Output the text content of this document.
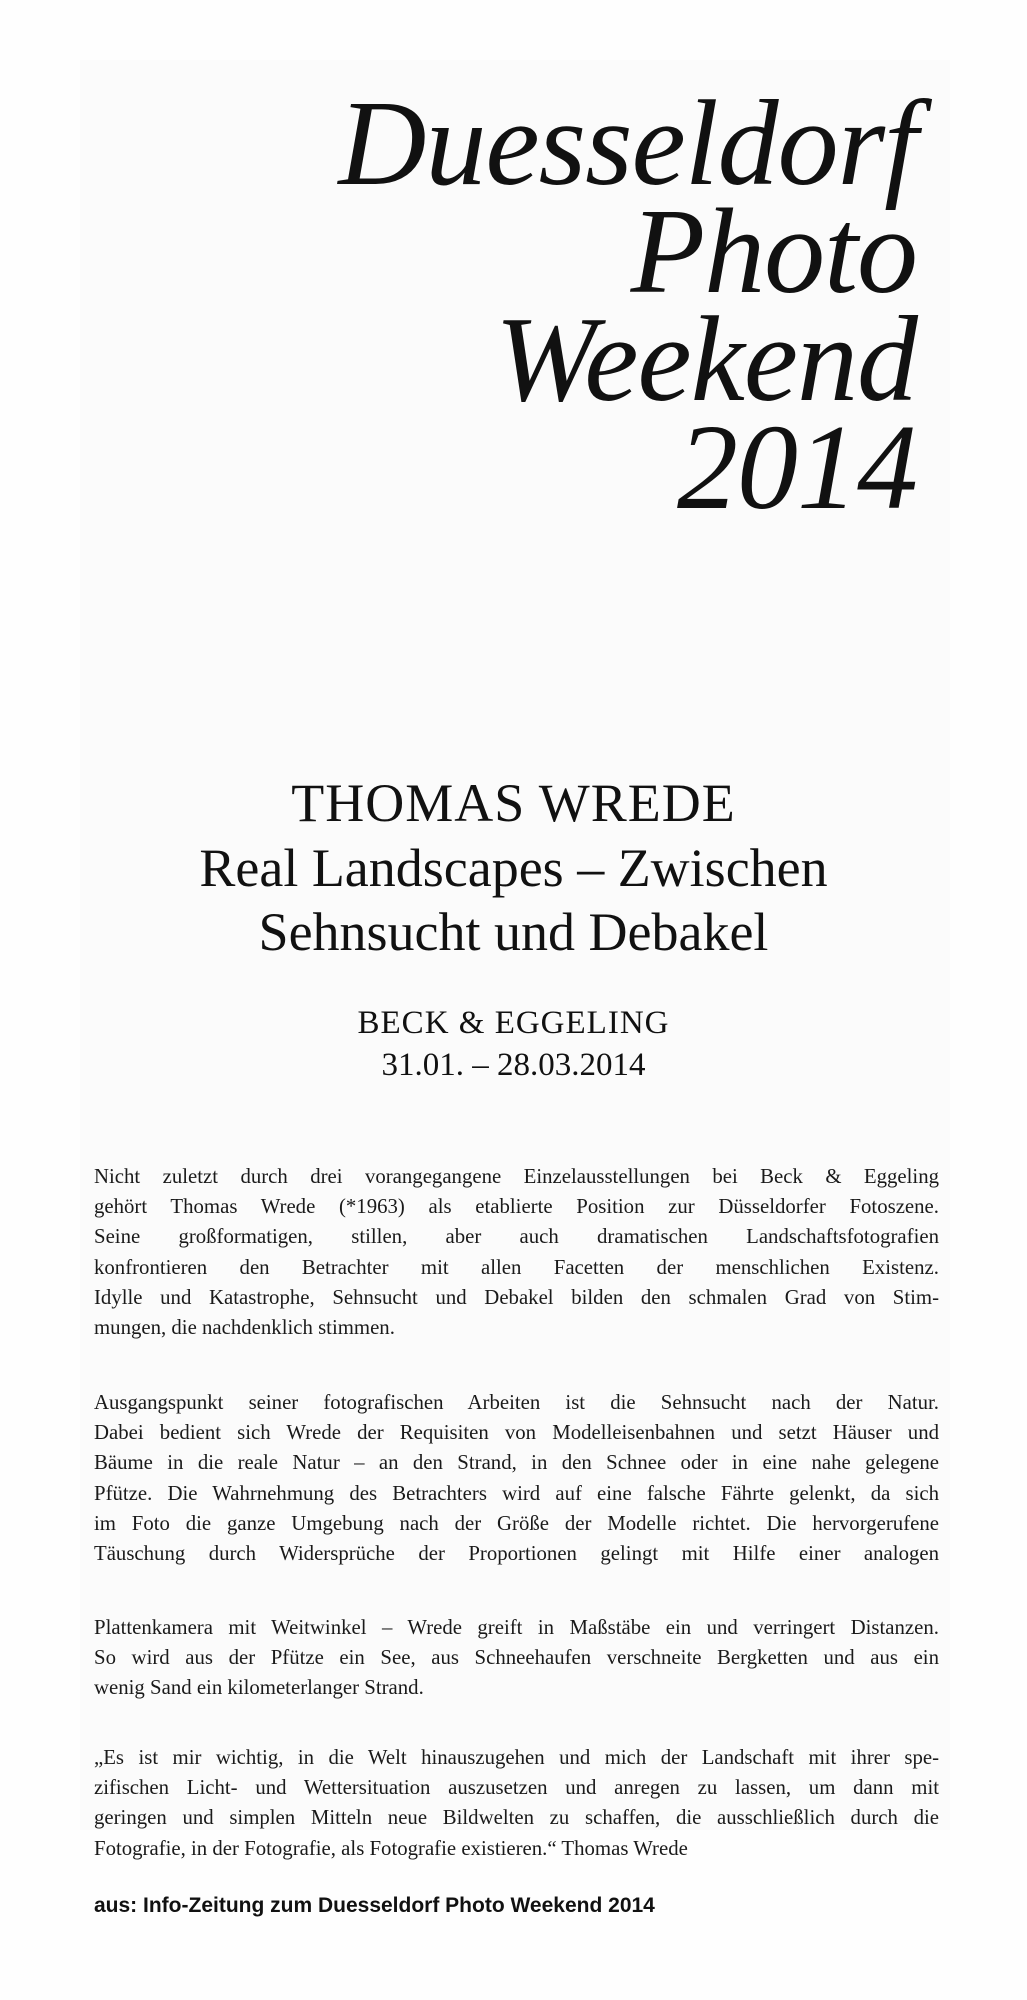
Duesseldorf
Photo
Weekend
2014
THOMAS WREDE
Real Landscapes – Zwischen
Sehnsucht und Debakel
BECK & EGGELING
31.01. – 28.03.2014

Nicht zuletzt durch drei vorangegangene Einzelausstellungen bei Beck & Eggeling

gehört Thomas Wrede (*1963) als etablierte Position zur Düsseldorfer Fotoszene.

Seine großformatigen, stillen, aber auch dramatischen Landschaftsfotografien

konfrontieren den Betrachter mit allen Facetten der menschlichen Existenz.

Idylle und Katastrophe, Sehnsucht und Debakel bilden den schmalen Grad von Stim-

mungen, die nachdenklich stimmen.

Ausgangspunkt seiner fotografischen Arbeiten ist die Sehnsucht nach der Natur.

Dabei bedient sich Wrede der Requisiten von Modelleisenbahnen und setzt Häuser und

Bäume in die reale Natur – an den Strand, in den Schnee oder in eine nahe gelegene

Pfütze. Die Wahrnehmung des Betrachters wird auf eine falsche Fährte gelenkt, da sich

im Foto die ganze Umgebung nach der Größe der Modelle richtet. Die hervorgerufene

Täuschung durch Widersprüche der Proportionen gelingt mit Hilfe einer analogen

Plattenkamera mit Weitwinkel – Wrede greift in Maßstäbe ein und verringert Distanzen.

So wird aus der Pfütze ein See, aus Schneehaufen verschneite Bergketten und aus ein

wenig Sand ein kilometerlanger Strand.

„Es ist mir wichtig, in die Welt hinauszugehen und mich der Landschaft mit ihrer spe-

zifischen Licht- und Wettersituation auszusetzen und anregen zu lassen, um dann mit

geringen und simplen Mitteln neue Bildwelten zu schaffen, die ausschließlich durch die

Fotografie, in der Fotografie, als Fotografie existieren.“ Thomas Wrede

aus: Info-Zeitung zum Duesseldorf Photo Weekend 2014
